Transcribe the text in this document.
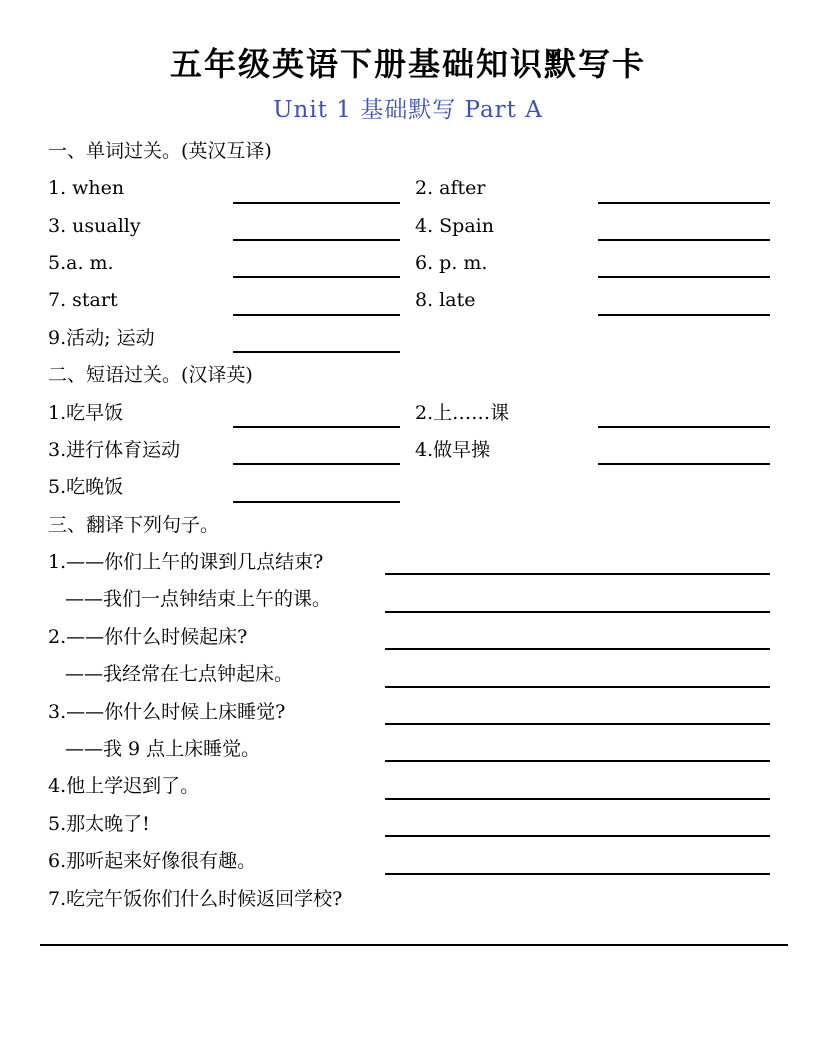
五年级英语下册基础知识默写卡
Unit 1 基础默写 Part A

一、单词过关。(英汉互译)

1. when	2. after
3. usually	4. Spain
5.a. m.	6. p. m.
7. start	8. late
9.活动; 运动

二、短语过关。(汉译英)

1.吃早饭	2.上……课
3.进行体育运动	4.做早操
5.吃晚饭

三、翻译下列句子。

1.——你们上午的课到几点结束?
——我们一点钟结束上午的课。
2.——你什么时候起床?
——我经常在七点钟起床。
3.——你什么时候上床睡觉?
——我 9 点上床睡觉。
4.他上学迟到了。
5.那太晚了!
6.那听起来好像很有趣。
7.吃完午饭你们什么时候返回学校?
